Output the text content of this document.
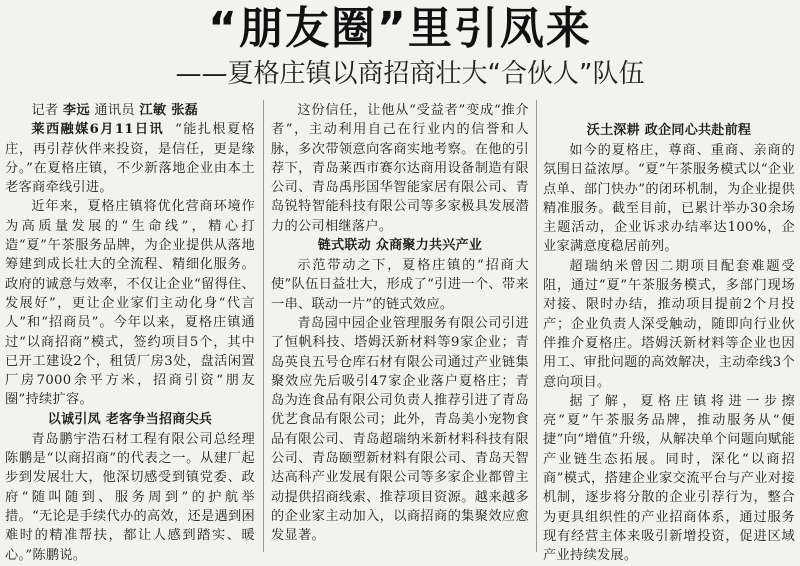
“朋友圈”里引凤来
——夏格庄镇以商招商壮大“合伙人”队伍

记者 李远 通讯员 江敏 张磊

莱西融媒6月11日讯 “能扎根夏格庄，再引荐伙伴来投资，是信任，更是缘分。”在夏格庄镇，不少新落地企业由本土老客商牵线引进。

近年来，夏格庄镇将优化营商环境作为高质量发展的“生命线”，精心打造“夏”午茶服务品牌，为企业提供从落地筹建到成长壮大的全流程、精细化服务。政府的诚意与效率，不仅让企业“留得住、发展好”，更让企业家们主动化身“代言人”和“招商员”。今年以来，夏格庄镇通过“以商招商”模式，签约项目5个，其中已开工建设2个，租赁厂房3处，盘活闲置厂房7000余平方米，招商引资“朋友圈”持续扩容。

以诚引凤 老客争当招商尖兵

青岛鹏宇浩石材工程有限公司总经理陈鹏是“以商招商”的代表之一。从建厂起步到发展壮大，他深切感受到镇党委、政府“随叫随到、服务周到”的护航举措。“无论是手续代办的高效，还是遇到困难时的精准帮扶，都让人感到踏实、暖心。”陈鹏说。

这份信任，让他从“受益者”变成“推介者”，主动利用自己在行业内的信誉和人脉，多次带领意向客商实地考察。在他的引荐下，青岛莱西市赛尔达商用设备制造有限公司、青岛禹彤国华智能家居有限公司、青岛锐特智能科技有限公司等多家极具发展潜力的公司相继落户。

链式联动 众商聚力共兴产业

示范带动之下，夏格庄镇的“招商大使”队伍日益壮大，形成了“引进一个、带来一串、联动一片”的链式效应。

青岛园中园企业管理服务有限公司引进了恒帆科技、塔姆沃新材料等9家企业；青岛英良五号仓库石材有限公司通过产业链集聚效应先后吸引47家企业落户夏格庄；青岛为连食品有限公司负责人推荐引进了青岛优艺食品有限公司；此外，青岛美小宠物食品有限公司、青岛超瑞纳米新材料科技有限公司、青岛颐塑新材料有限公司、青岛天智达高科产业发展有限公司等多家企业都曾主动提供招商线索、推荐项目资源。越来越多的企业家主动加入，以商招商的集聚效应愈发显著。

沃土深耕 政企同心共赴前程

如今的夏格庄，尊商、重商、亲商的氛围日益浓厚。“夏”午茶服务模式以“企业点单、部门快办”的闭环机制，为企业提供精准服务。截至目前，已累计举办30余场主题活动，企业诉求办结率达100%，企业家满意度稳居前列。

超瑞纳米曾因二期项目配套难题受阻，通过“夏”午茶服务模式，多部门现场对接、限时办结，推动项目提前2个月投产；企业负责人深受触动，随即向行业伙伴推介夏格庄。塔姆沃新材料等企业也因用工、审批问题的高效解决，主动牵线3个意向项目。

据了解，夏格庄镇将进一步擦亮“夏”午茶服务品牌，推动服务从“便捷”向“增值”升级，从解决单个问题向赋能产业链生态拓展。同时，深化“以商招商”模式，搭建企业家交流平台与产业对接机制，逐步将分散的企业引荐行为，整合为更具组织性的产业招商体系，通过服务现有经营主体来吸引新增投资，促进区域产业持续发展。
